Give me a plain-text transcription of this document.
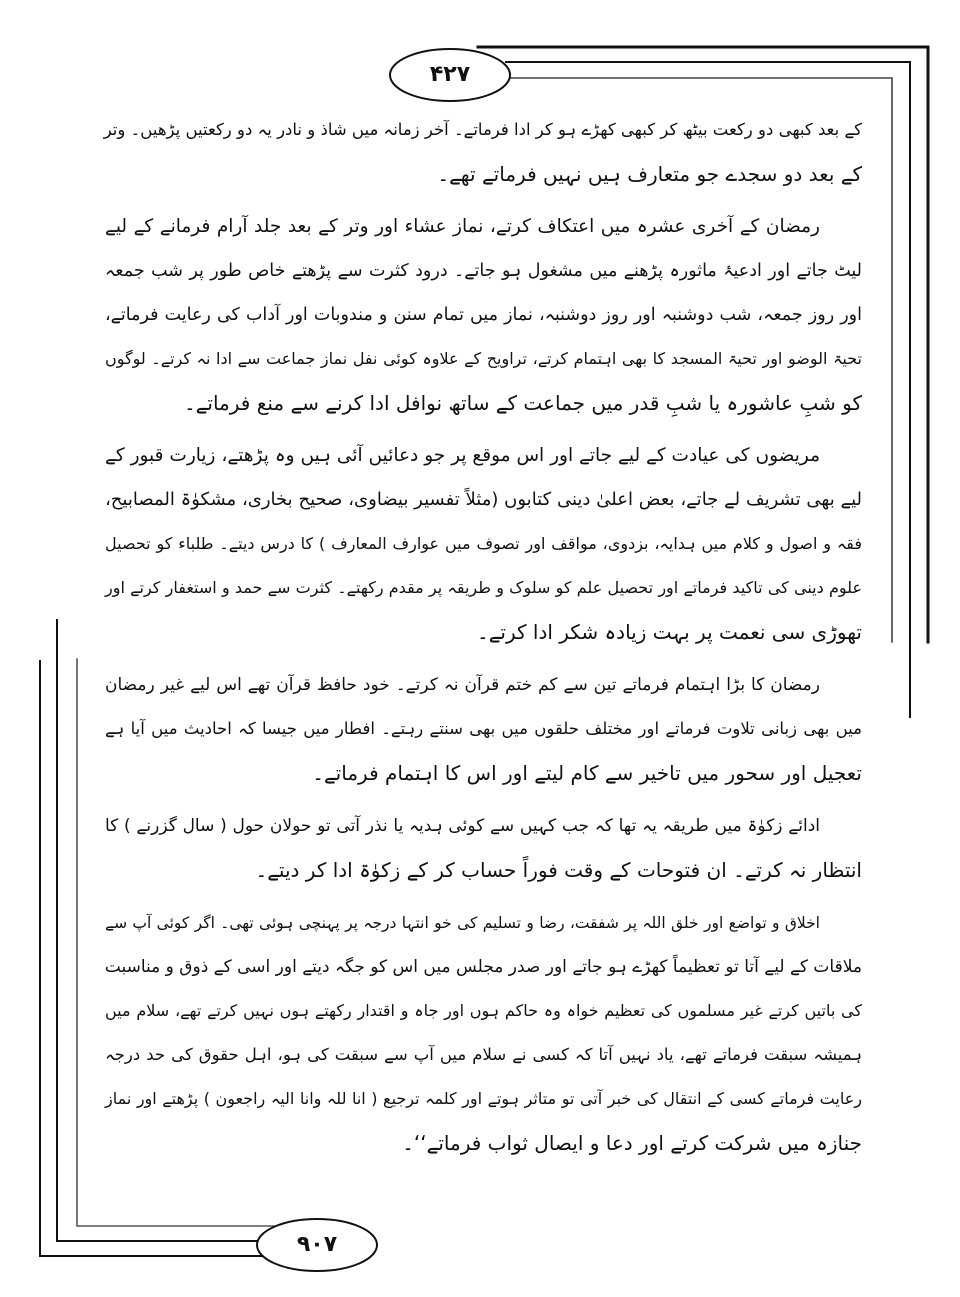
۴۲۷
۹۰۷
کے بعد کبھی دو رکعت بیٹھ کر کبھی کھڑے ہو کر ادا فرماتے۔ آخر زمانہ میں شاذ و نادر یہ دو رکعتیں پڑھیں۔ وتر
کے بعد دو سجدے جو متعارف ہیں نہیں فرماتے تھے۔
رمضان کے آخری عشرہ میں اعتکاف کرتے، نماز عشاء اور وتر کے بعد جلد آرام فرمانے کے لیے
لیٹ جاتے اور ادعیۂ ماثورہ پڑھنے میں مشغول ہو جاتے۔ درود کثرت سے پڑھتے خاص طور پر شب جمعہ
اور روز جمعہ، شب دوشنبہ اور روز دوشنبہ، نماز میں تمام سنن و مندوبات اور آداب کی رعایت فرماتے،
تحیۃ الوضو اور تحیۃ المسجد کا بھی اہتمام کرتے، تراویح کے علاوہ کوئی نفل نماز جماعت سے ادا نہ کرتے۔ لوگوں
کو شبِ عاشورہ یا شبِ قدر میں جماعت کے ساتھ نوافل ادا کرنے سے منع فرماتے۔
مریضوں کی عیادت کے لیے جاتے اور اس موقع پر جو دعائیں آئی ہیں وہ پڑھتے، زیارت قبور کے
لیے بھی تشریف لے جاتے، بعض اعلیٰ دینی کتابوں (مثلاً تفسیر بیضاوی، صحیح بخاری، مشکوٰۃ المصابیح،
فقہ و اصول و کلام میں ہدایہ، بزدوی، مواقف اور تصوف میں عوارف المعارف ) کا درس دیتے۔ طلباء کو تحصیل
علوم دینی کی تاکید فرماتے اور تحصیل علم کو سلوک و طریقہ پر مقدم رکھتے۔ کثرت سے حمد و استغفار کرتے اور
تھوڑی سی نعمت پر بہت زیادہ شکر ادا کرتے۔
رمضان کا بڑا اہتمام فرماتے تین سے کم ختم قرآن نہ کرتے۔ خود حافظ قرآن تھے اس لیے غیر رمضان
میں بھی زبانی تلاوت فرماتے اور مختلف حلقوں میں بھی سنتے رہتے۔ افطار میں جیسا کہ احادیث میں آیا ہے
تعجیل اور سحور میں تاخیر سے کام لیتے اور اس کا اہتمام فرماتے۔
ادائے زکوٰۃ میں طریقہ یہ تھا کہ جب کہیں سے کوئی ہدیہ یا نذر آتی تو حولان حول ( سال گزرنے ) کا
انتظار نہ کرتے۔ ان فتوحات کے وقت فوراً حساب کر کے زکوٰۃ ادا کر دیتے۔
اخلاق و تواضع اور خلق اللہ پر شفقت، رضا و تسلیم کی خو انتہا درجہ پر پہنچی ہوئی تھی۔ اگر کوئی آپ سے
ملاقات کے لیے آتا تو تعظیماً کھڑے ہو جاتے اور صدر مجلس میں اس کو جگہ دیتے اور اسی کے ذوق و مناسبت
کی باتیں کرتے غیر مسلموں کی تعظیم خواہ وہ حاکم ہوں اور جاہ و اقتدار رکھتے ہوں نہیں کرتے تھے، سلام میں
ہمیشہ سبقت فرماتے تھے، یاد نہیں آتا کہ کسی نے سلام میں آپ سے سبقت کی ہو، اہل حقوق کی حد درجہ
رعایت فرماتے کسی کے انتقال کی خبر آتی تو متاثر ہوتے اور کلمہ ترجیع ( انا للہ وانا الیہ راجعون ) پڑھتے اور نماز
جنازہ میں شرکت کرتے اور دعا و ایصال ثواب فرماتے‘‘۔
